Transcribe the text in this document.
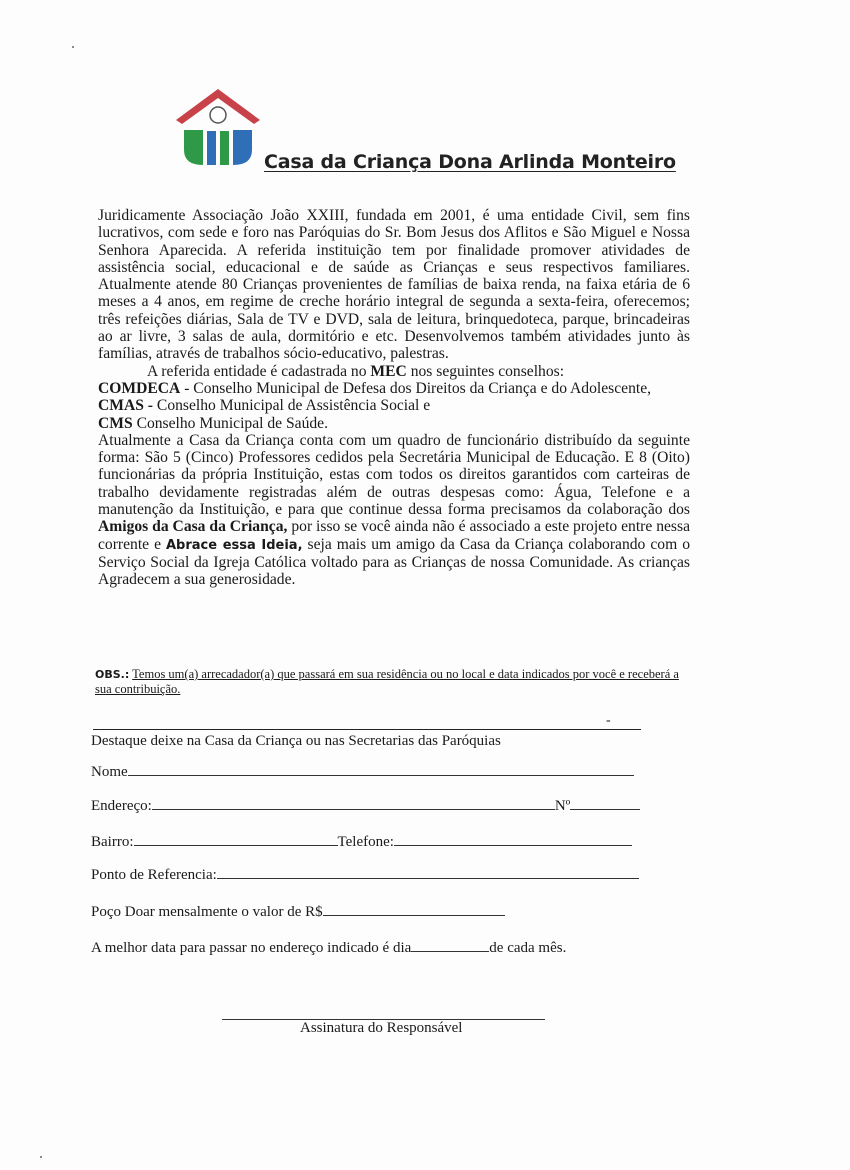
Casa da Criança Dona Arlinda Monteiro

Juridicamente Associação João XXIII, fundada em 2001, é uma entidade Civil, sem fins lucrativos, com sede e foro nas Paróquias do Sr. Bom Jesus dos Aflitos e São Miguel e Nossa Senhora Aparecida. A referida instituição tem por finalidade promover atividades de assistência social, educacional e de saúde as Crianças e seus respectivos familiares. Atualmente atende 80 Crianças provenientes de famílias de baixa renda, na faixa etária de 6 meses a 4 anos, em regime de creche horário integral de segunda a sexta-feira, oferecemos; três refeições diárias, Sala de TV e DVD, sala de leitura, brinquedoteca, parque, brincadeiras ao ar livre, 3 salas de aula, dormitório e etc. Desenvolvemos também atividades junto às famílias, através de trabalhos sócio-educativo, palestras.

A referida entidade é cadastrada no MEC nos seguintes conselhos:

COMDECA - Conselho Municipal de Defesa dos Direitos da Criança e do Adolescente,

CMAS - Conselho Municipal de Assistência Social e

CMS Conselho Municipal de Saúde.

Atualmente a Casa da Criança conta com um quadro de funcionário distribuído da seguinte forma: São 5 (Cinco) Professores cedidos pela Secretária Municipal de Educação. E 8 (Oito) funcionárias da própria Instituição, estas com todos os direitos garantidos com carteiras de trabalho devidamente registradas além de outras despesas como: Água, Telefone e a manutenção da Instituição, e para que continue dessa forma precisamos da colaboração dos Amigos da Casa da Criança, por isso se você ainda não é associado a este projeto entre nessa corrente e Abrace essa Ideia, seja mais um amigo da Casa da Criança colaborando com o Serviço Social da Igreja Católica voltado para as Crianças de nossa Comunidade. As crianças Agradecem a sua generosidade.

OBS.: Temos um(a) arrecadador(a) que passará em sua residência ou no local e data indicados por você e receberá a sua contribuição.
-
Destaque deixe na Casa da Criança ou nas Secretarias das Paróquias
Nome
Endereço:	Nº
Bairro:	Telefone:
Ponto de Referencia:
Poço Doar mensalmente o valor de R$
A melhor data para passar no endereço indicado é dia	de cada mês.
Assinatura do Responsável
